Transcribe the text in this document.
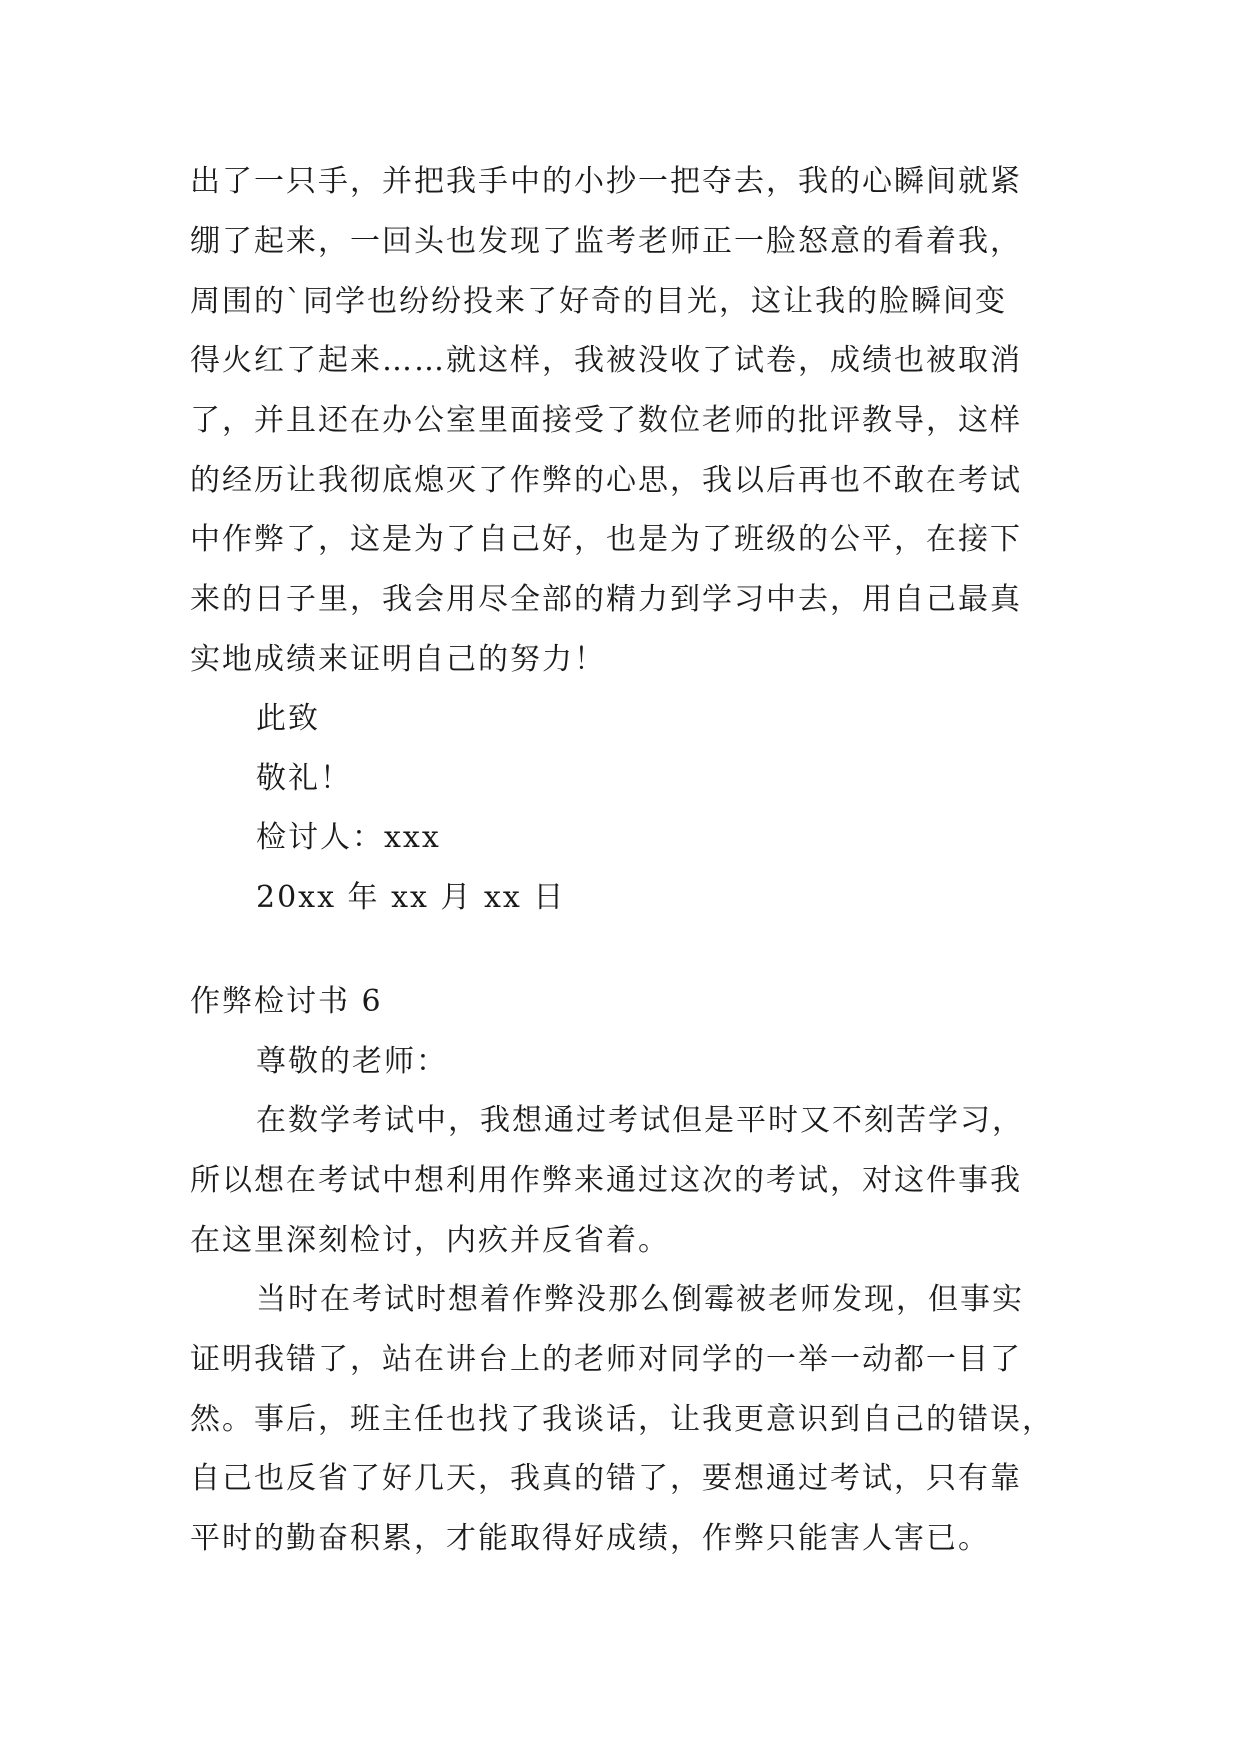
出了一只手，并把我手中的小抄一把夺去，我的心瞬间就紧
绷了起来，一回头也发现了监考老师正一脸怒意的看着我，
周围的`同学也纷纷投来了好奇的目光，这让我的脸瞬间变
得火红了起来……就这样，我被没收了试卷，成绩也被取消
了，并且还在办公室里面接受了数位老师的批评教导，这样
的经历让我彻底熄灭了作弊的心思，我以后再也不敢在考试
中作弊了，这是为了自己好，也是为了班级的公平，在接下
来的日子里，我会用尽全部的精力到学习中去，用自己最真
实地成绩来证明自己的努力！
此致
敬礼！
检讨人：xxx
20xx 年 xx 月 xx 日
作弊检讨书 6
尊敬的老师：
在数学考试中，我想通过考试但是平时又不刻苦学习，
所以想在考试中想利用作弊来通过这次的考试，对这件事我
在这里深刻检讨，内疚并反省着。
当时在考试时想着作弊没那么倒霉被老师发现，但事实
证明我错了，站在讲台上的老师对同学的一举一动都一目了
然。事后，班主任也找了我谈话，让我更意识到自己的错误，
自己也反省了好几天，我真的错了，要想通过考试，只有靠
平时的勤奋积累，才能取得好成绩，作弊只能害人害已。
